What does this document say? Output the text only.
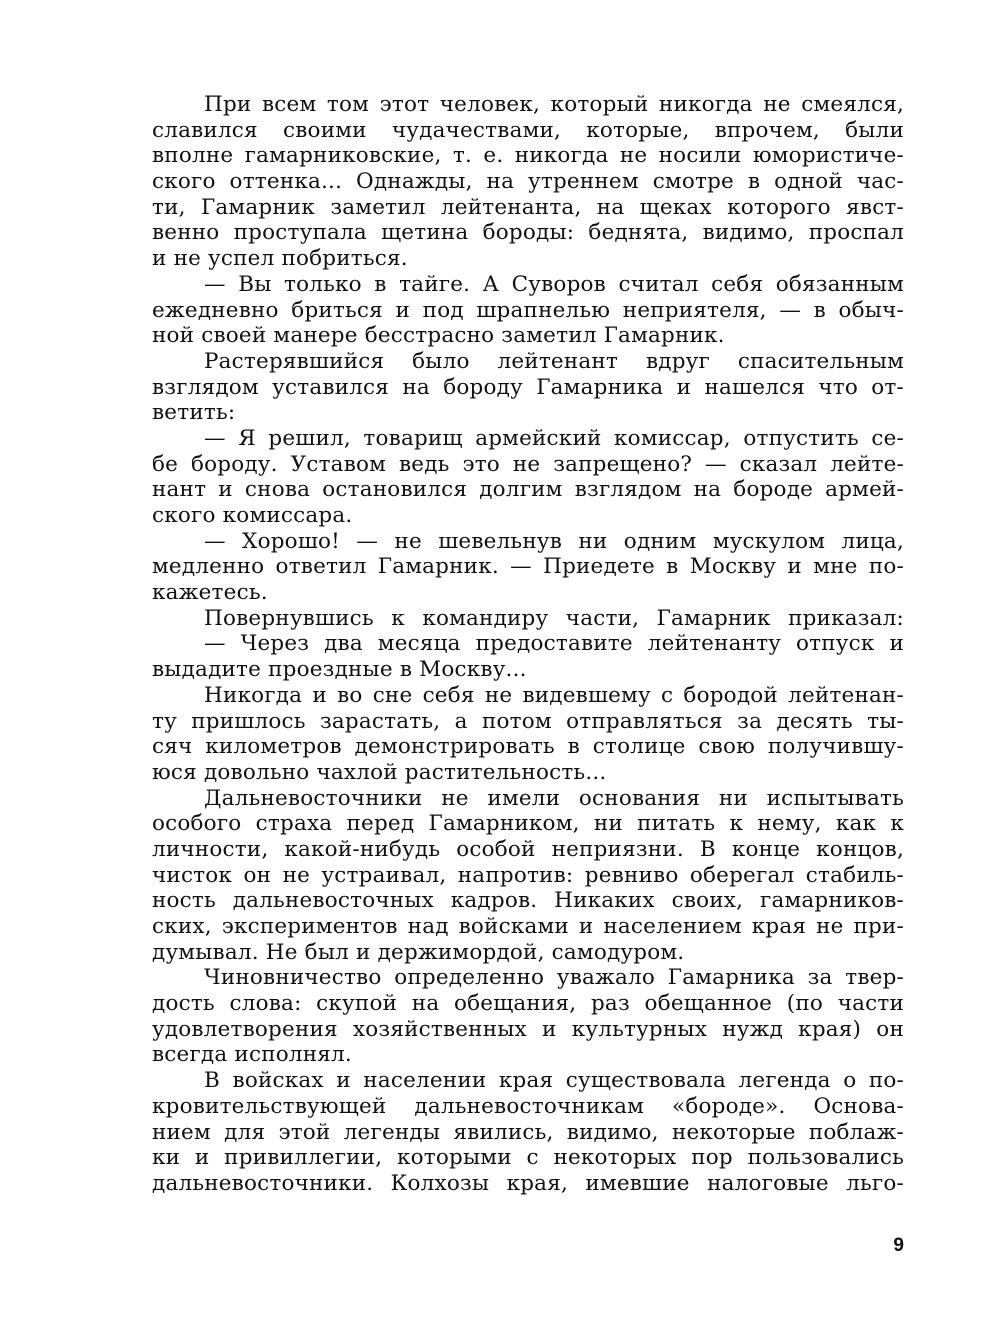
При всем том этот человек, который никогда не смеялся,
славился своими чудачествами, которые, впрочем, были
вполне гамарниковские, т. е. никогда не носили юмористиче-
ского оттенка... Однажды, на утреннем смотре в одной час-
ти, Гамарник заметил лейтенанта, на щеках которого явст-
венно проступала щетина бороды: беднята, видимо, проспал
и не успел побриться.
— Вы только в тайге. А Суворов считал себя обязанным
ежедневно бриться и под шрапнелью неприятеля, — в обыч-
ной своей манере бесстрасно заметил Гамарник.
Растерявшийся было лейтенант вдруг спасительным
взглядом уставился на бороду Гамарника и нашелся что от-
ветить:
— Я решил, товарищ армейский комиссар, отпустить се-
бе бороду. Уставом ведь это не запрещено? — сказал лейте-
нант и снова остановился долгим взглядом на бороде армей-
ского комиссара.
— Хорошо! — не шевельнув ни одним мускулом лица,
медленно ответил Гамарник. — Приедете в Москву и мне по-
кажетесь.
Повернувшись к командиру части, Гамарник приказал:
— Через два месяца предоставите лейтенанту отпуск и
выдадите проездные в Москву...
Никогда и во сне себя не видевшему с бородой лейтенан-
ту пришлось зарастать, а потом отправляться за десять ты-
сяч километров демонстрировать в столице свою получившу-
юся довольно чахлой растительность...
Дальневосточники не имели основания ни испытывать
особого страха перед Гамарником, ни питать к нему, как к
личности, какой-нибудь особой неприязни. В конце концов,
чисток он не устраивал, напротив: ревниво оберегал стабиль-
ность дальневосточных кадров. Никаких своих, гамарников-
ских, экспериментов над войсками и населением края не при-
думывал. Не был и держимордой, самодуром.
Чиновничество определенно уважало Гамарника за твер-
дость слова: скупой на обещания, раз обещанное (по части
удовлетворения хозяйственных и культурных нужд края) он
всегда исполнял.
В войсках и населении края существовала легенда о по-
кровительствующей дальневосточникам «бороде». Основа-
нием для этой легенды явились, видимо, некоторые поблаж-
ки и привиллегии, которыми с некоторых пор пользовались
дальневосточники. Колхозы края, имевшие налоговые льго-
9
